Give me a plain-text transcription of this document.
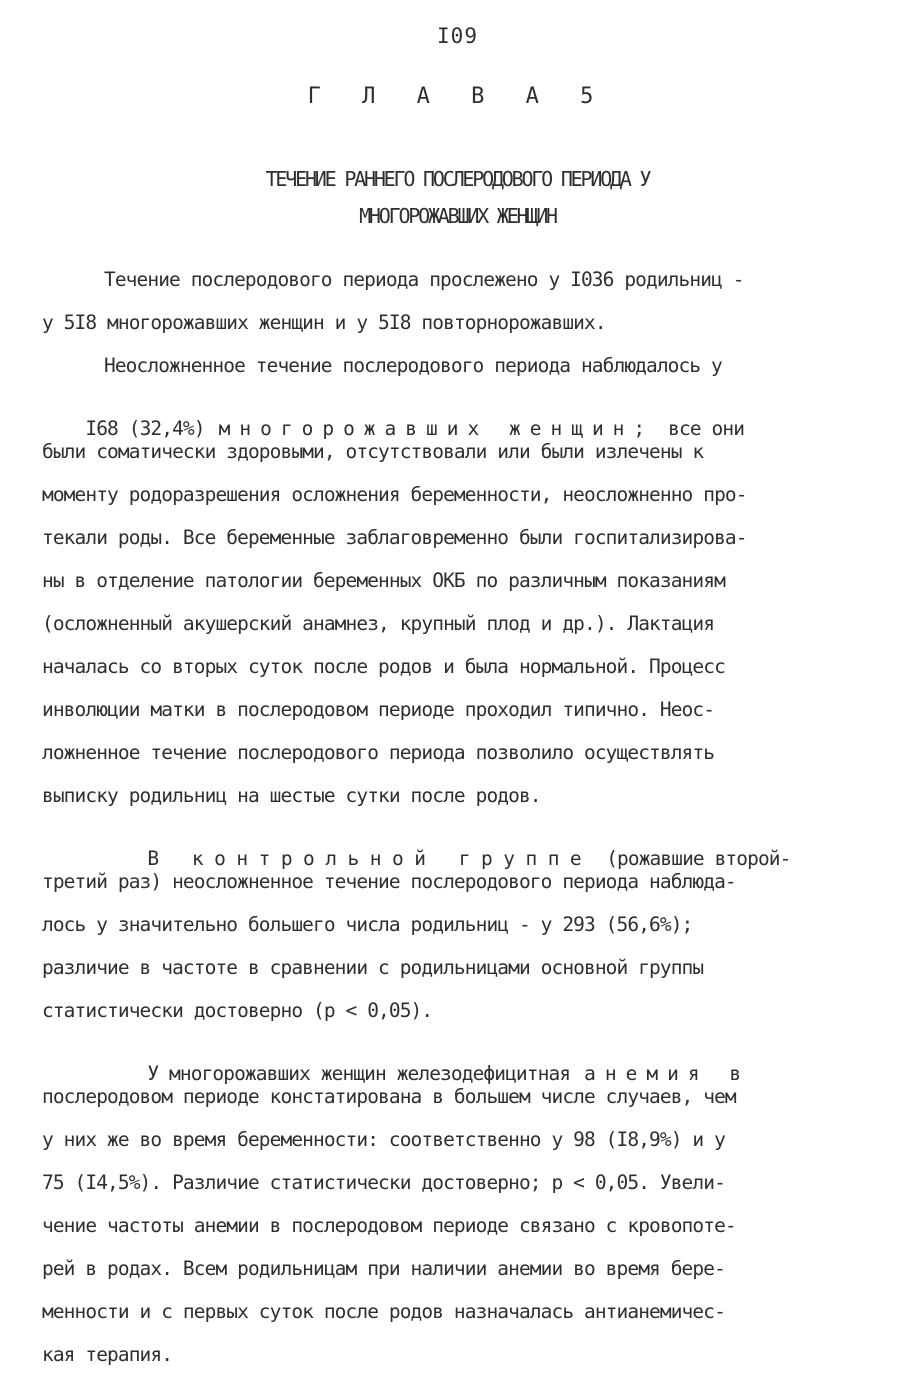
I09
Г Л А В А 5
ТЕЧЕНИЕ РАННЕГО ПОСЛЕРОДОВОГО ПЕРИОДА У
МНОГОРОЖАВШИХ ЖЕНЩИН
Течение послеродового периода прослежено у I036 родильниц -
у 5I8 многорожавших женщин и у 5I8 повторнорожавших.
Неосложненное течение послеродового периода наблюдалось у

I68 (32,4%) многорожавших женщин; все они

были соматически здоровыми, отсутствовали или были излечены к
моменту родоразрешения осложнения беременности, неосложненно про-
текали роды. Все беременные заблаговременно были госпитализирова-
ны в отделение патологии беременных ОКБ по различным показаниям
(осложненный акушерский анамнез, крупный плод и др.). Лактация
началась со вторых суток после родов и была нормальной. Процесс
инволюции матки в послеродовом периоде проходил типично. Неос-
ложненное течение послеродового периода позволило осуществлять
выписку родильниц на шестые сутки после родов.

В контрольной группе (рожавшие второй-

третий раз) неосложненное течение послеродового периода наблюда-
лось у значительно большего числа родильниц - у 293 (56,6%);
различие в частоте в сравнении с родильницами основной группы
статистически достоверно (р < 0,05).

У многорожавших женщин железодефицитная анемия в

послеродовом периоде констатирована в большем числе случаев, чем
у них же во время беременности: соответственно у 98 (I8,9%) и у
75 (I4,5%). Различие статистически достоверно; р < 0,05. Увели-
чение частоты анемии в послеродовом периоде связано с кровопоте-
рей в родах. Всем родильницам при наличии анемии во время бере-
менности и с первых суток после родов назначалась антианемичес-
кая терапия.
